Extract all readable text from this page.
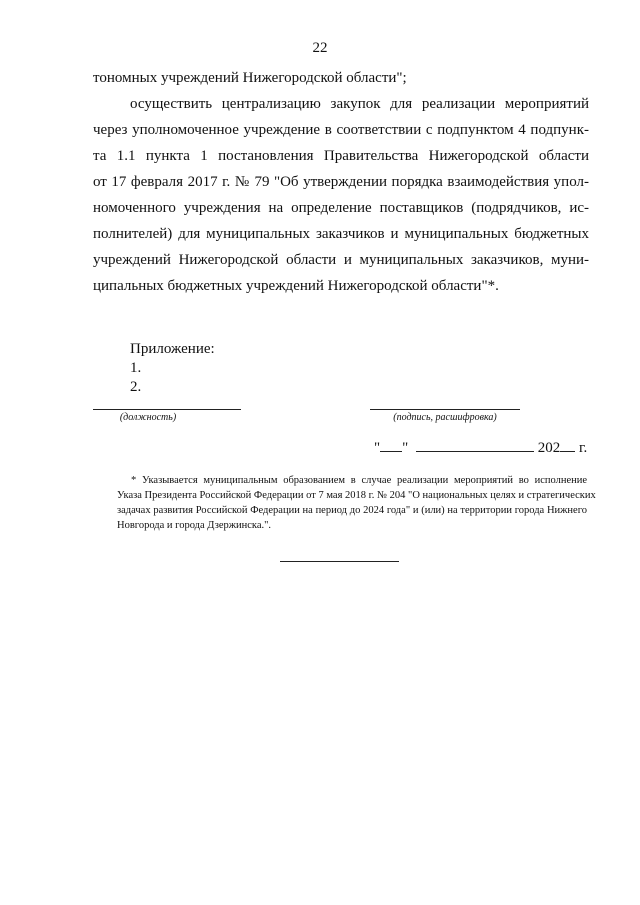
22
тономных учреждений Нижегородской области";
осуществить централизацию закупок для реализации мероприятий
через уполномоченное учреждение в соответствии с подпунктом 4 подпунк-
та 1.1 пункта 1 постановления Правительства Нижегородской области
от 17 февраля 2017 г. № 79 "Об утверждении порядка взаимодействия упол-
номоченного учреждения на определение поставщиков (подрядчиков, ис-
полнителей) для муниципальных заказчиков и муниципальных бюджетных
учреждений Нижегородской области и муниципальных заказчиков, муни-
ципальных бюджетных учреждений Нижегородской области"*.
Приложение:
1.
2.
(должность)	(подпись, расшифровка)
" "	202 г.
* Указывается муниципальным образованием в случае реализации мероприятий во исполнение
Указа Президента Российской Федерации от 7 мая 2018 г. № 204 "О национальных целях и стратегических
задачах развития Российской Федерации на период до 2024 года" и (или) на территории города Нижнего
Новгорода и города Дзержинска.".
